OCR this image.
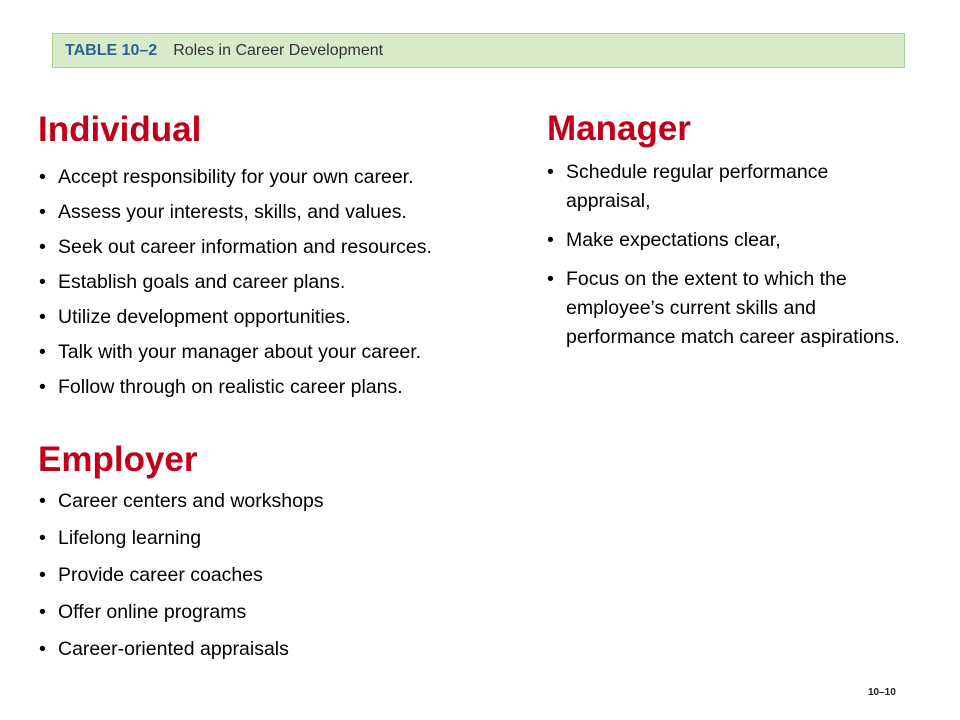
TABLE 10–2 Roles in Career Development
Individual
• Accept responsibility for your own career.
• Assess your interests, skills, and values.
• Seek out career information and resources.
• Establish goals and career plans.
• Utilize development opportunities.
• Talk with your manager about your career.
• Follow through on realistic career plans.
Employer
• Career centers and workshops
• Lifelong learning
• Provide career coaches
• Offer online programs
• Career-oriented appraisals
Manager
• Schedule regular performance appraisal,
• Make expectations clear,
• Focus on the extent to which the employee’s current skills and performance match career aspirations.
10–10
